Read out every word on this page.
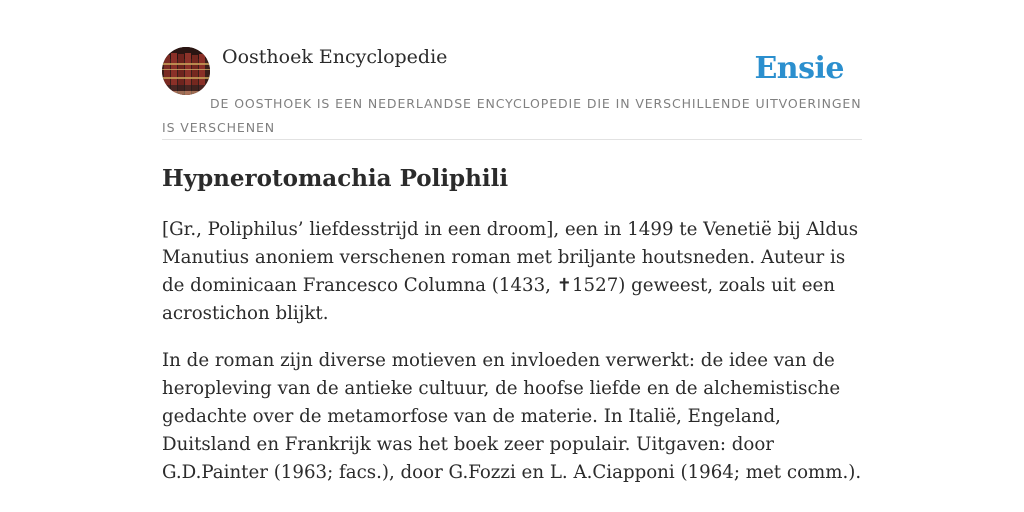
Oosthoek Encyclopedie	Ensie
DE OOSTHOEK IS EEN NEDERLANDSE ENCYCLOPEDIE DIE IN VERSCHILLENDE UITVOERINGEN IS VERSCHENEN
Hypnerotomachia Poliphili

[Gr., Poliphilus’ liefdesstrijd in een droom], een in 1499 te Venetië bij Aldus Manutius anoniem verschenen roman met briljante houtsneden. Auteur is de dominicaan Francesco Columna (1433, ✝1527) geweest, zoals uit een acrostichon blijkt.

In de roman zijn diverse motieven en invloeden verwerkt: de idee van de heropleving van de antieke cultuur, de hoofse liefde en de alchemistische gedachte over de metamorfose van de materie. In Italië, Engeland, Duitsland en Frankrijk was het boek zeer populair. Uitgaven: door G.D.Painter (1963; facs.), door G.Fozzi en L. A.Ciapponi (1964; met comm.).
